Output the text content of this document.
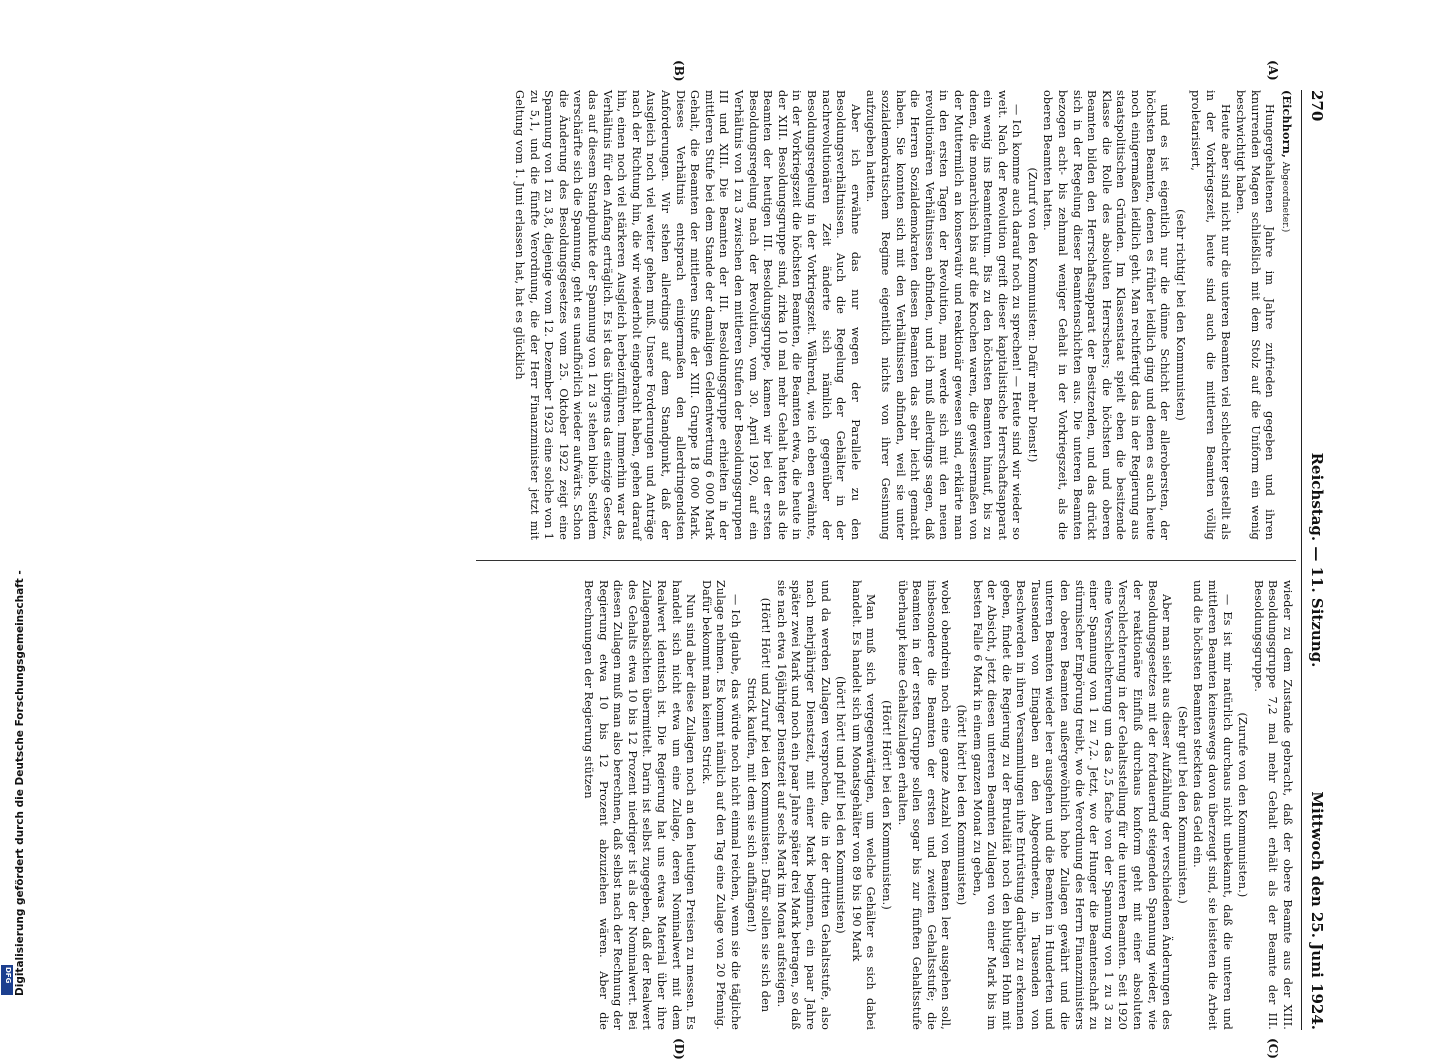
270
Reichstag. — 11. Sitzung.
Mittwoch den 25. Juni 1924.
(A)
(B)
(C)
(D)

(Eichhorn, Abgeordneter.)

Hungergehaltenen Jahre im Jahre zufrieden gegeben und ihren knurrenden Magen schließlich mit dem Stolz auf die Uniform ein wenig beschwichtigt haben.

Heute aber sind nicht nur die unteren Beamten viel schlechter gestellt als in der Vorkriegszeit, heute sind auch die mittleren Beamten völlig proletarisiert,

(sehr richtig! bei den Kommunisten)

und es ist eigentlich nur die dünne Schicht der allerobersten, der höchsten Beamten, denen es früher leidlich ging und denen es auch heute noch einigermaßen leidlich geht. Man rechtfertigt das in der Regierung aus staatspolitischen Gründen. Im Klassenstaat spielt eben die besitzende Klasse die Rolle des absoluten Herrschers; die höchsten und oberen Beamten bilden den Herrschaftsapparat der Besitzenden, und das drückt sich in der Regelung dieser Beamtenschichten aus. Die unteren Beamten bezogen acht- bis zehnmal weniger Gehalt in der Vorkriegszeit, als die oberen Beamten hatten.

(Zuruf von den Kommunisten: Dafür mehr Dienst!)

— Ich komme auch darauf noch zu sprechen! — Heute sind wir wieder so weit. Nach der Revolution greift dieser kapitalistische Herrschaftsapparat ein wenig ins Beamtentum. Bis zu den höchsten Beamten hinauf, bis zu denen, die monarchisch bis auf die Knochen waren, die gewissermaßen von der Muttermilch an konservativ und reaktionär gewesen sind, erklärte man in den ersten Tagen der Revolution, man werde sich mit den neuen revolutionären Verhältnissen abfinden, und ich muß allerdings sagen, daß die Herren Sozialdemokraten diesen Beamten das sehr leicht gemacht haben. Sie konnten sich mit den Verhältnissen abfinden, weil sie unter sozialdemokratischem Regime eigentlich nichts von ihrer Gesinnung aufzugeben hatten.

Aber ich erwähne das nur wegen der Parallele zu den Besoldungsverhältnissen. Auch die Regelung der Gehälter in der nachrevolutionären Zeit änderte sich nämlich gegenüber der Besoldungsregelung in der Vorkriegszeit. Während, wie ich eben erwähnte, in der Vorkriegszeit die höchsten Beamten, die Beamten etwa, die heute in der XIII. Besoldungsgruppe sind, zirka 10 mal mehr Gehalt hatten als die Beamten der heutigen III. Besoldungsgruppe, kamen wir bei der ersten Besoldungsregelung nach der Revolution, vom 30. April 1920, auf ein Verhältnis von 1 zu 3 zwischen den mittleren Stufen der Besoldungsgruppen III und XIII. Die Beamten der III. Besoldungsgruppe erhielten in der mittleren Stufe bei dem Stande der damaligen Geldentwertung 6 000 Mark Gehalt, die Beamten der mittleren Stufe der XIII. Gruppe 18 000 Mark. Dieses Verhältnis entsprach einigermaßen den allerdringendsten Anforderungen. Wir stehen allerdings auf dem Standpunkt, daß der Ausgleich noch viel weiter gehen muß. Unsere Forderungen und Anträge nach der Richtung hin, die wir wiederholt eingebracht haben, gehen darauf hin, einen noch viel stärkeren Ausgleich herbeizuführen. Immerhin war das Verhältnis für den Anfang erträglich. Es ist das übrigens das einzige Gesetz, das auf diesem Standpunkte der Spannung von 1 zu 3 stehen blieb. Seitdem verschärfte sich die Spannung, geht es unaufhörlich wieder aufwärts. Schon die Änderung des Besoldungsgesetzes vom 25. Oktober 1922 zeigt eine Spannung von 1 zu 3,8, diejenige vom 12. Dezember 1923 eine solche von 1 zu 5,1, und die fünfte Verordnung, die der Herr Finanzminister jetzt mit Geltung vom 1. Juni erlassen hat, hat es glücklich

wieder zu dem Zustande gebracht, daß der obere Beamte aus der XIII. Besoldungsgruppe 7,2 mal mehr Gehalt erhält als der Beamte der III. Besoldungsgruppe.

(Zurufe von den Kommunisten.)

— Es ist mir natürlich durchaus nicht unbekannt, daß die unteren und mittleren Beamten keineswegs davon überzeugt sind, sie leisteten die Arbeit und die höchsten Beamten steckten das Geld ein.

(Sehr gut! bei den Kommunisten.)

Aber man sieht aus dieser Aufzählung der verschiedenen Änderungen des Besoldungsgesetzes mit der fortdauernd steigenden Spannung wieder, wie der reaktionäre Einfluß durchaus konform geht mit einer absoluten Verschlechterung in der Gehaltsstellung für die unteren Beamten. Seit 1920 eine Verschlechterung um das 2,5 fache von der Spannung von 1 zu 3 zu einer Spannung von 1 zu 7,2. Jetzt, wo der Hunger die Beamtenschaft zu stürmischer Empörung treibt, wo die Verordnung des Herrn Finanzministers den oberen Beamten außergewöhnlich hohe Zulagen gewährt und die unteren Beamten wieder leer ausgehen und die Beamten in Hunderten und Tausenden von Eingaben an den Abgeordneten, in Tausenden von Beschwerden in ihren Versammlungen ihre Entrüstung darüber zu erkennen geben, findet die Regierung zu der Brutalität noch den blutigen Hohn mit der Absicht, jetzt diesen unteren Beamten Zulagen von einer Mark bis im besten Falle 6 Mark in einem ganzen Monat zu geben,

(hört! hört! bei den Kommunisten)

wobei obendrein noch eine ganze Anzahl von Beamten leer ausgehen soll, insbesondere die Beamten der ersten und zweiten Gehaltsstufe; die Beamten in der ersten Gruppe sollen sogar bis zur fünften Gehaltsstufe überhaupt keine Gehaltszulagen erhalten.

(Hört! Hört! bei den Kommunisten.)

Man muß sich vergegenwärtigen, um welche Gehälter es sich dabei handelt. Es handelt sich um Monatsgehälter von 89 bis 190 Mark

(hört! hört! und pfui! bei den Kommunisten)

und da werden Zulagen versprochen, die in der dritten Gehaltsstufe, also nach mehrjähriger Dienstzeit, mit einer Mark beginnen, ein paar Jahre später zwei Mark und noch ein paar Jahre später drei Mark betragen, so daß sie nach etwa 16jähriger Dienstzeit auf sechs Mark im Monat aufsteigen.

(Hört! Hört! und Zuruf bei den Kommunisten: Dafür sollen sie sich den Strick kaufen, mit dem sie sich aufhängen!)

— Ich glaube, das würde noch nicht einmal reichen, wenn sie die tägliche Zulage nehmen. Es kommt nämlich auf den Tag eine Zulage von 20 Pfennig. Dafür bekommt man keinen Strick.

Nun sind aber diese Zulagen noch an den heutigen Preisen zu messen. Es handelt sich nicht etwa um eine Zulage, deren Nominalwert mit dem Realwert identisch ist. Die Regierung hat uns etwas Material über ihre Zulagenabsichten übermittelt. Darin ist selbst zugegeben, daß der Realwert des Gehalts etwa 10 bis 12 Prozent niedriger ist als der Nominalwert. Bei diesen Zulagen muß man also berechnen, daß selbst nach der Rechnung der Regierung etwa 10 bis 12 Prozent abzuziehen wären. Aber die Berechnungen der Regierung stützen

Digitalisierung gefördert durch die Deutsche Forschungsgemeinschaft -
DFG
